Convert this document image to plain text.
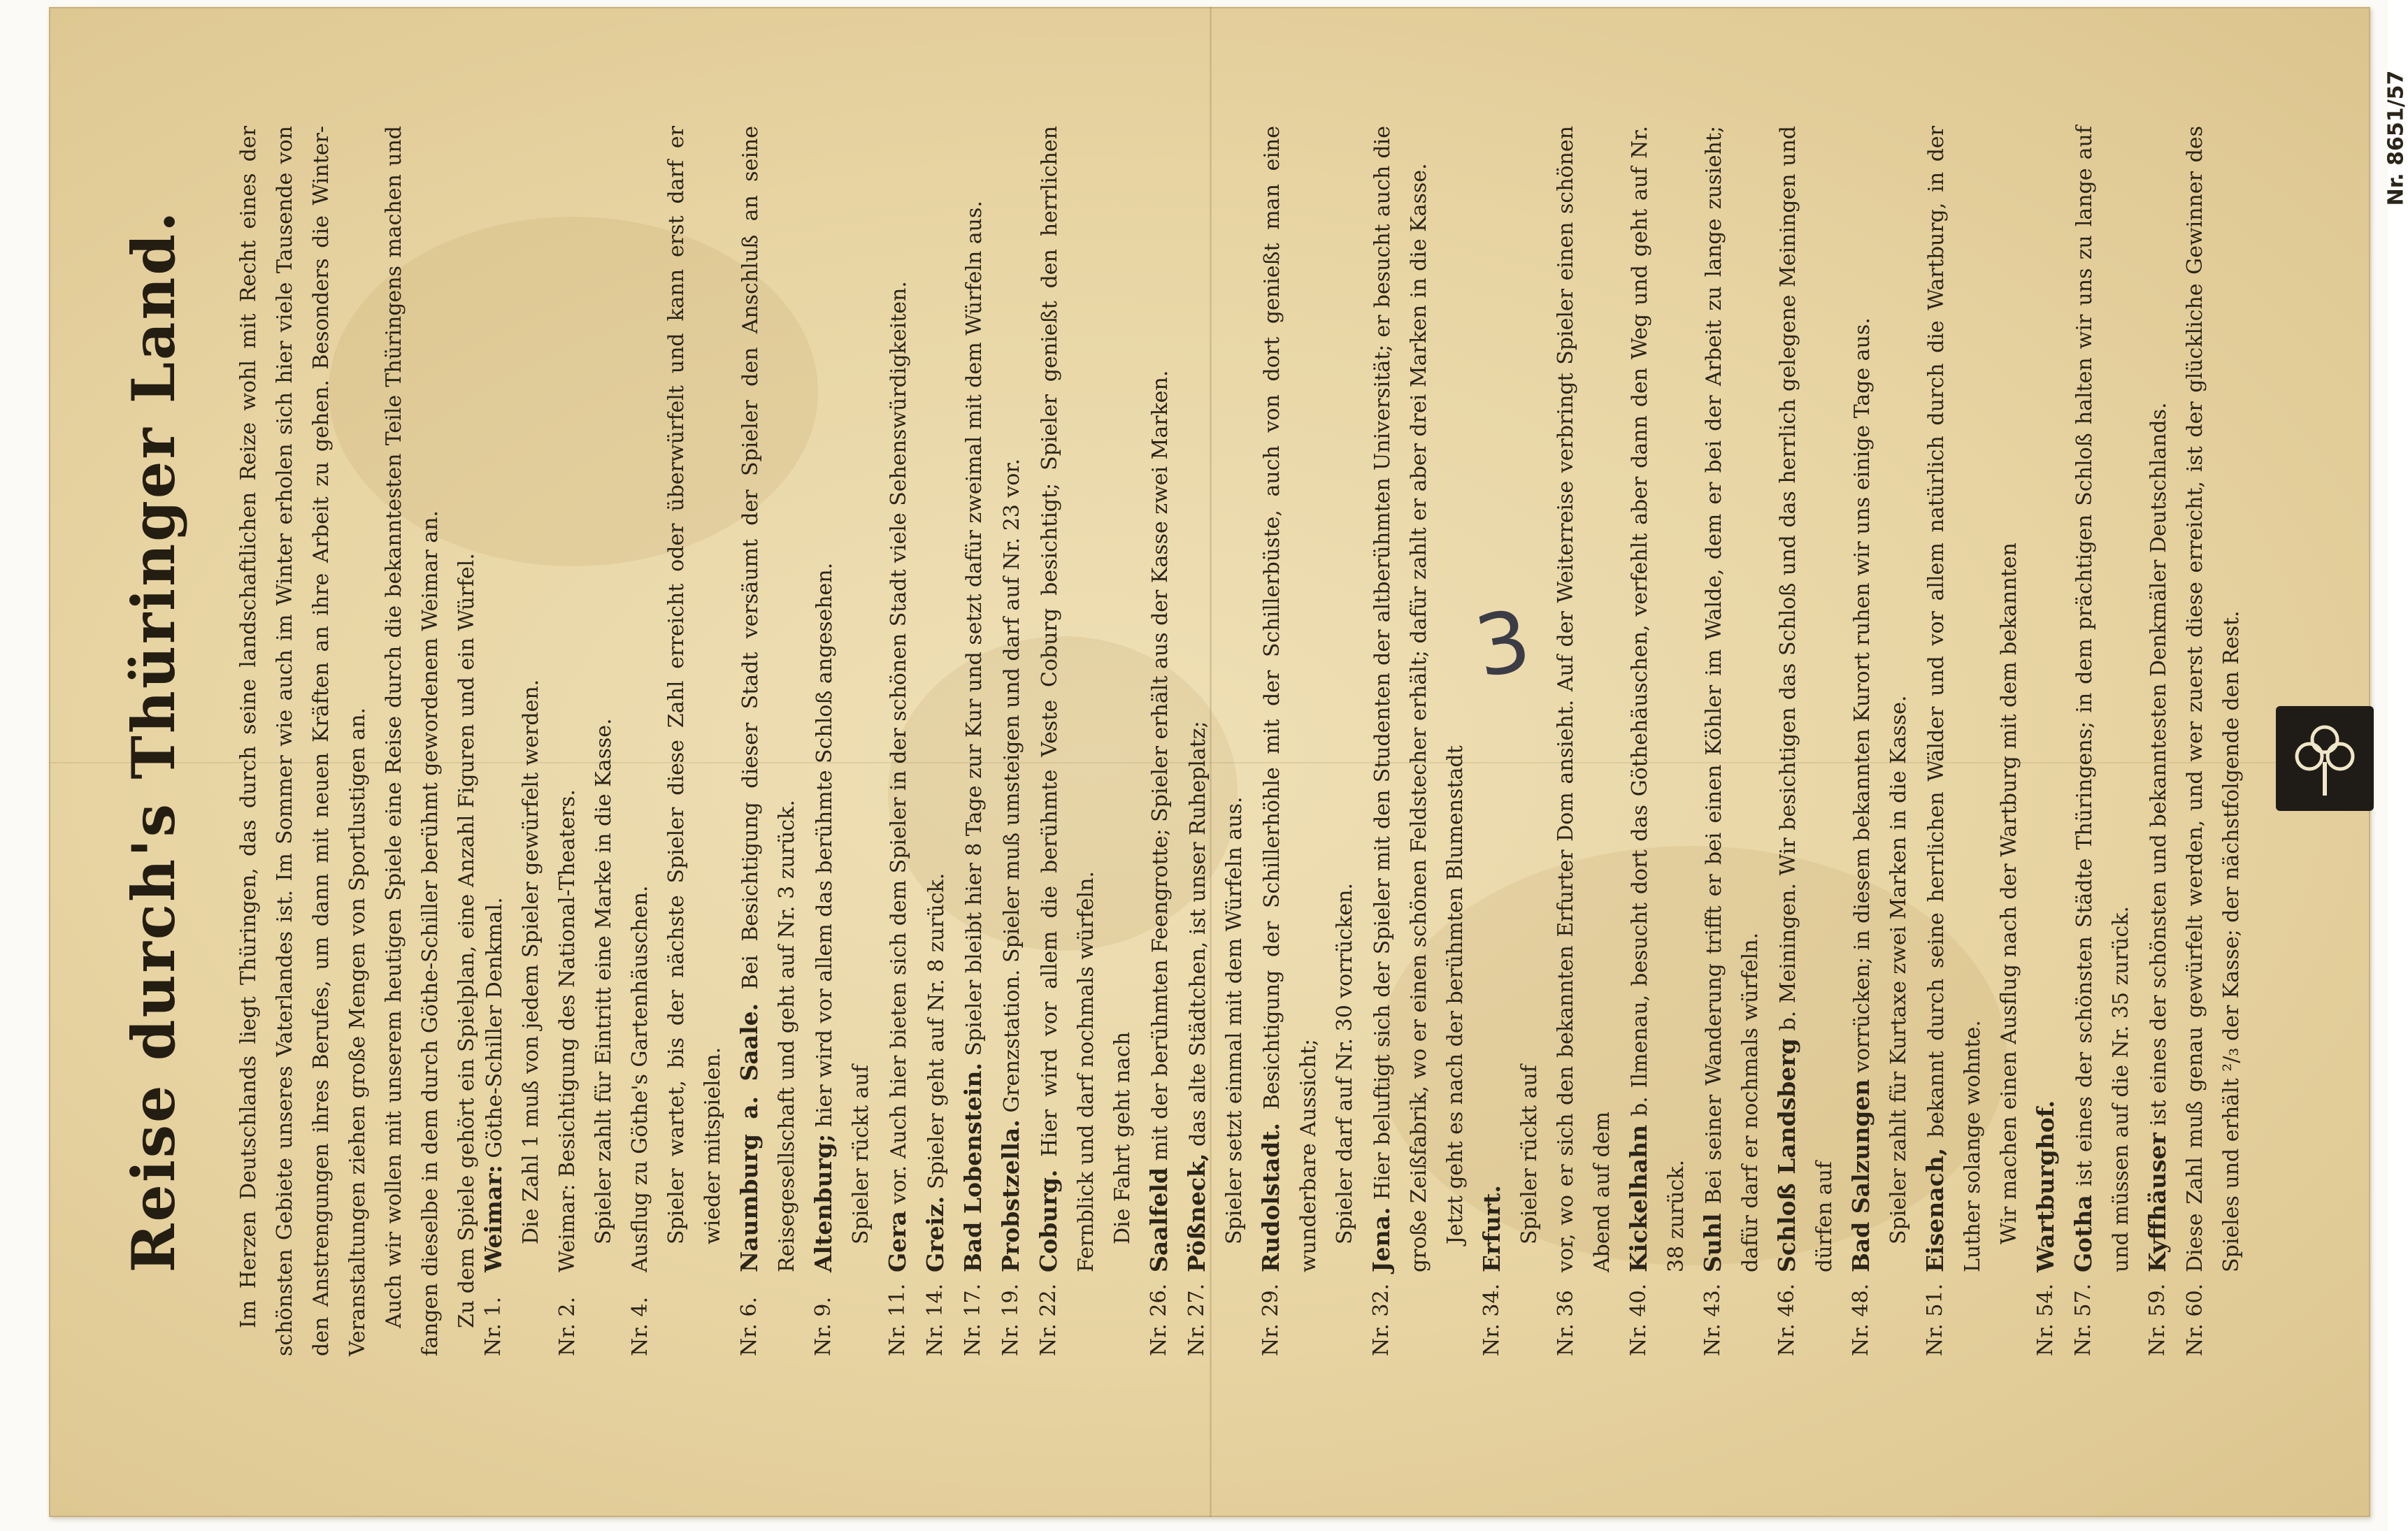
Reise durch's Thüringer Land. Im Herzen Deutschlands liegt Thüringen, das durch seine landschaftlichen Reize wohl mit Recht eines der schönsten Gebiete unseres Vaterlandes ist. Im Sommer wie auch im Winter erholen sich hier viele Tausende von den Anstrengungen ihres Berufes, um dann mit neuen Kräften an ihre Arbeit zu gehen. Besonders die Winter-Veranstaltungen ziehen große Mengen von Sportlustigen an. Auch wir wollen mit unserem heutigen Spiele eine Reise durch die bekanntesten Teile Thüringens machen und fangen dieselbe in dem durch Göthe-Schiller berühmt gewordenem Weimar an. Zu dem Spiele gehört ein Spielplan, eine Anzahl Figuren und ein Würfel. Nr. 1.
Weimar: Göthe-Schiller Denkmal. Die Zahl 1 muß von jedem Spieler gewürfelt werden.
Nr. 2.
Weimar: Besichtigung des National-Theaters. Spieler zahlt für Eintritt eine Marke in die Kasse.
Nr. 4.
Ausflug zu Göthe's Gartenhäuschen. Spieler wartet, bis der nächste Spieler diese Zahl erreicht oder überwürfelt und kann erst darf er wieder mitspielen.
Nr. 6.
Naumburg a. Saale. Bei Besichtigung dieser Stadt versäumt der Spieler den Anschluß an seine Reisegesellschaft und geht auf Nr. 3 zurück.
Nr. 9.
Altenburg; hier wird vor allem das berühmte Schloß angesehen.
Spieler rückt auf
Nr. 11.
Gera vor. Auch hier bieten sich dem Spieler in der schönen Stadt viele Sehenswürdigkeiten.
Nr. 14.
Greiz. Spieler geht auf Nr. 8 zurück.
Nr. 17.
Bad Lobenstein. Spieler bleibt hier 8 Tage zur Kur und setzt dafür zweimal mit dem Würfeln aus.
Nr. 19.
Probstzella. Grenzstation. Spieler muß umsteigen und darf auf Nr. 23 vor.
Nr. 22.
Coburg. Hier wird vor allem die berühmte Veste Coburg besichtigt; Spieler genießt den herrlichen Fernblick und darf nochmals würfeln. Die Fahrt geht nach
Nr. 26.
Saalfeld mit der berühmten Feengrotte; Spieler erhält aus der Kasse zwei Marken.
Nr. 27.
Pößneck, das alte Städtchen, ist unser Ruheplatz; Spieler setzt einmal mit dem Würfeln aus.
Nr. 29.
Rudolstadt. Besichtigung der Schillerhöhle mit der Schillerbüste, auch von dort genießt man eine wunderbare Aussicht; Spieler darf auf Nr. 30 vorrücken.
Nr. 32.
Jena. Hier beluftigt sich der Spieler mit den Studenten der altberühmten Universität; er besucht auch die große Zeißfabrik, wo er einen schönen Feldstecher erhält; dafür zahlt er aber drei Marken in die Kasse. Jetzt geht es nach der berühmten Blumenstadt
Nr. 34.
Erfurt. Spieler rückt auf
Nr. 36
vor, wo er sich den bekannten Erfurter Dom ansieht. Auf der Weiterreise verbringt Spieler einen schönen Abend auf dem
Nr. 40.
Kickelhahn b. Ilmenau, besucht dort das Göthehäuschen, verfehlt aber dann den Weg und geht auf Nr. 38 zurück.
Nr. 43.
Suhl Bei seiner Wanderung trifft er bei einen Köhler im Walde, dem er bei der Arbeit zu lange zusieht; dafür darf er nochmals würfeln.
Nr. 46.
Schloß Landsberg b. Meiningen. Wir besichtigen das Schloß und das herrlich gelegene Meiningen und dürfen auf
Nr. 48.
Bad Salzungen vorrücken; in diesem bekannten Kurort ruhen wir uns einige Tage aus. Spieler zahlt für Kurtaxe zwei Marken in die Kasse.
Nr. 51.
Eisenach, bekannt durch seine herrlichen Wälder und vor allem natürlich durch die Wartburg, in der Luther solange wohnte. Wir machen einen Ausflug nach der Wartburg mit dem bekannten
Nr. 54.
Wartburghof.
Nr. 57.
Gotha ist eines der schönsten Städte Thüringens; in dem prächtigen Schloß halten wir uns zu lange auf und müssen auf die Nr. 35 zurück.
Nr. 59.
Kyffhäuser ist eines der schönsten und bekanntesten Denkmäler Deutschlands.
Nr. 60.
Diese Zahl muß genau gewürfelt werden, und wer zuerst diese erreicht, ist der glückliche Gewinner des Spieles und erhält ²/₃ der Kasse; der nächstfolgende den Rest.
3
Nr. 8651/57
